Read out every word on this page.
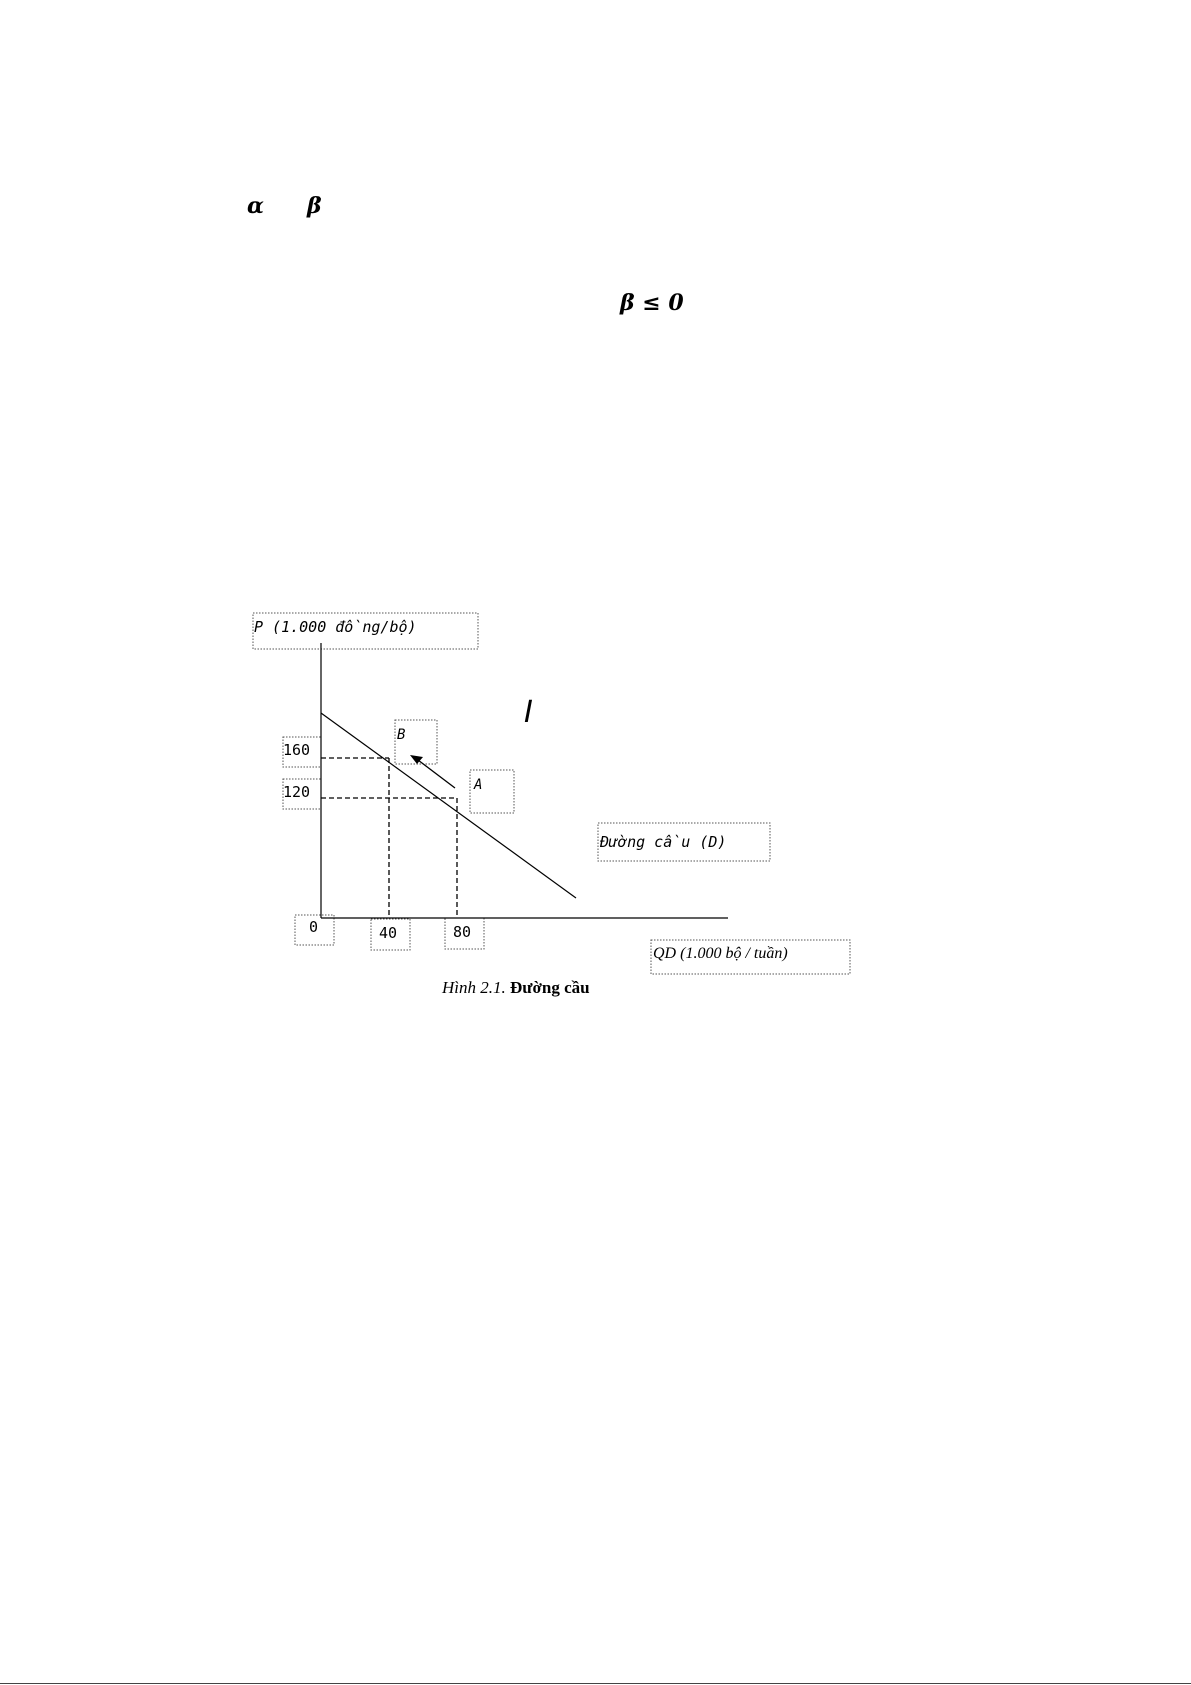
α β
β ≤ 0
P (1.000 đồng/bộ)
Đường cầu (D)
QD (1.000 bộ / tuần)
B
A
160
120
0	40	80
I
Hình 2.1. Đường cầu
